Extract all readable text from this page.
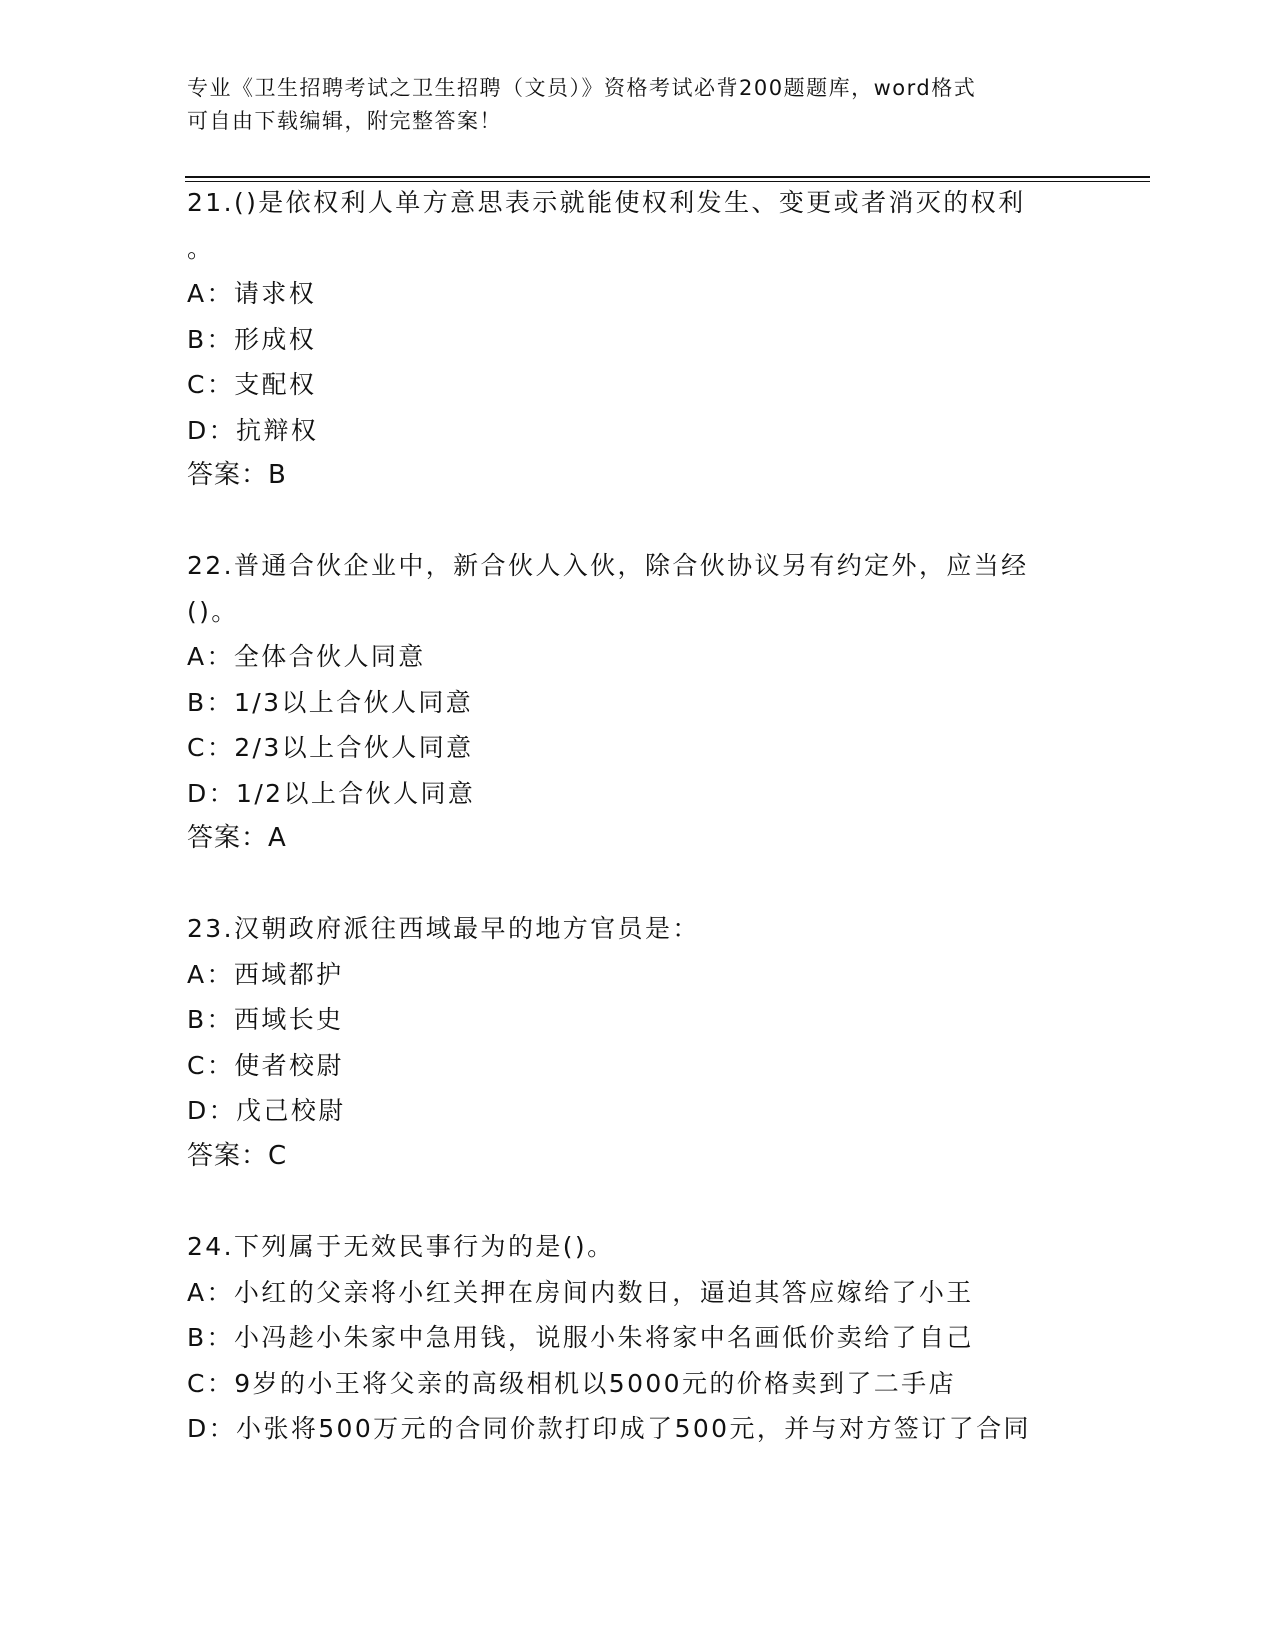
专业《卫生招聘考试之卫生招聘（文员）》资格考试必背200题题库，word格式
可自由下载编辑，附完整答案！
21.()是依权利人单方意思表示就能使权利发生、变更或者消灭的权利
。
A：请求权
B：形成权
C：支配权
D：抗辩权
答案：B
22.普通合伙企业中，新合伙人入伙，除合伙协议另有约定外，应当经
()。
A：全体合伙人同意
B：1/3以上合伙人同意
C：2/3以上合伙人同意
D：1/2以上合伙人同意
答案：A
23.汉朝政府派往西域最早的地方官员是：
A：西域都护
B：西域长史
C：使者校尉
D：戊己校尉
答案：C
24.下列属于无效民事行为的是()。
A：小红的父亲将小红关押在房间内数日，逼迫其答应嫁给了小王
B：小冯趁小朱家中急用钱，说服小朱将家中名画低价卖给了自己
C：9岁的小王将父亲的高级相机以5000元的价格卖到了二手店
D：小张将500万元的合同价款打印成了500元，并与对方签订了合同
